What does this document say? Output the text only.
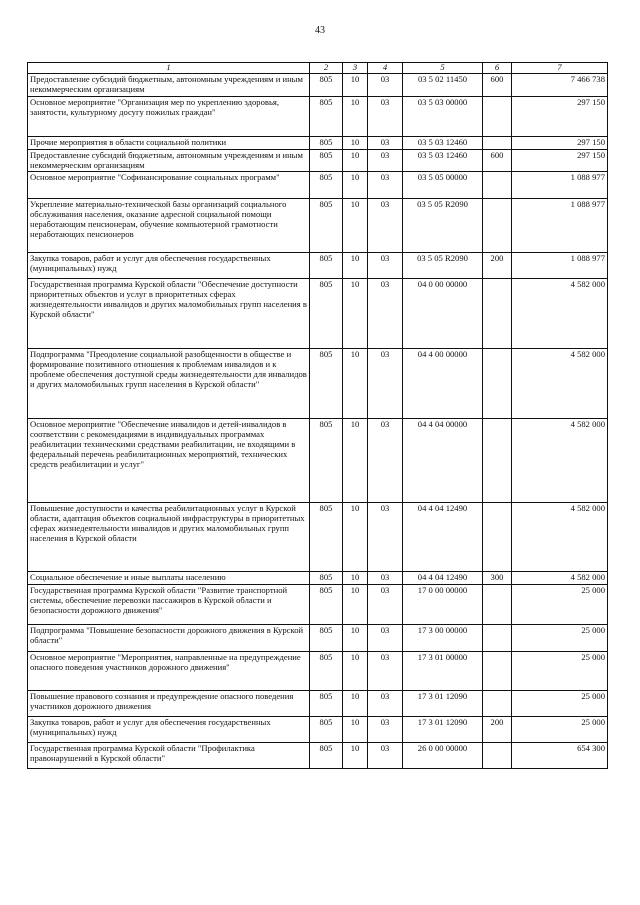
43
1	2	3	4	5	6	7
Предоставление субсидий бюджетным, автономным учреждениям и иным некоммерческим организациям	805	10	03	03 5 02 11450	600	7 466 738
Основное мероприятие "Организация мер по укреплению здоровья, занятости, культурному досугу пожилых граждан"	805	10	03	03 5 03 00000		297 150
Прочие мероприятия в области социальной политики	805	10	03	03 5 03 12460		297 150
Предоставление субсидий бюджетным, автономным учреждениям и иным некоммерческим организациям	805	10	03	03 5 03 12460	600	297 150
Основное мероприятие "Софинансирование социальных программ"	805	10	03	03 5 05 00000		1 088 977
Укрепление материально-технической базы организаций социального обслуживания населения, оказание адресной социальной помощи неработающим пенсионерам, обучение компьютерной грамотности неработающих пенсионеров	805	10	03	03 5 05 R2090		1 088 977
Закупка товаров, работ и услуг для обеспечения государственных (муниципальных) нужд	805	10	03	03 5 05 R2090	200	1 088 977
Государственная программа Курской области "Обеспечение доступности приоритетных объектов и услуг в приоритетных сферах жизнедеятельности инвалидов и других маломобильных групп населения в Курской области"	805	10	03	04 0 00 00000		4 582 000
Подпрограмма "Преодоление социальной разобщенности в обществе и формирование позитивного отношения к проблемам инвалидов и к проблеме обеспечения доступной среды жизнедеятельности для инвалидов и других маломобильных групп населения в Курской области"	805	10	03	04 4 00 00000		4 582 000
Основное мероприятие "Обеспечение инвалидов и детей-инвалидов в соответствии с рекомендациями в индивидуальных программах реабилитации техническими средствами реабилитации, не входящими в федеральный перечень реабилитационных мероприятий, технических средств реабилитации и услуг"	805	10	03	04 4 04 00000		4 582 000
Повышение доступности и качества реабилитационных услуг в Курской области, адаптация объектов социальной инфраструктуры в приоритетных сферах жизнедеятельности инвалидов и других маломобильных групп населения в Курской области	805	10	03	04 4 04 12490		4 582 000
Социальное обеспечение и иные выплаты населению	805	10	03	04 4 04 12490	300	4 582 000
Государственная программа Курской области "Развитие транспортной системы, обеспечение перевозки пассажиров в Курской области и безопасности дорожного движения"	805	10	03	17 0 00 00000		25 000
Подпрограмма "Повышение безопасности дорожного движения в Курской области"	805	10	03	17 3 00 00000		25 000
Основное мероприятие "Мероприятия, направленные на предупреждение опасного поведения участников дорожного движения"	805	10	03	17 3 01 00000		25 000
Повышение правового сознания и предупреждение опасного поведения участников дорожного движения	805	10	03	17 3 01 12090		25 000
Закупка товаров, работ и услуг для обеспечения государственных (муниципальных) нужд	805	10	03	17 3 01 12090	200	25 000
Государственная программа Курской области "Профилактика правонарушений в Курской области"	805	10	03	26 0 00 00000		654 300
